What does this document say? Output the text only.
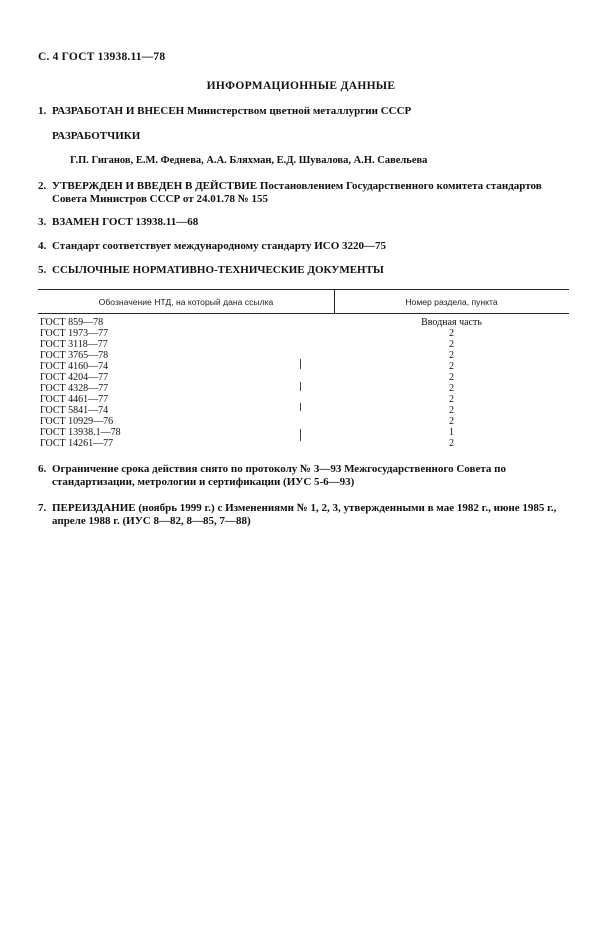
С. 4 ГОСТ 13938.11—78
ИНФОРМАЦИОННЫЕ ДАННЫЕ
1. РАЗРАБОТАН И ВНЕСЕН Министерством цветной металлургии СССР
РАЗРАБОТЧИКИ
Г.П. Гиганов, Е.М. Феднева, А.А. Бляхман, Е.Д. Шувалова, А.Н. Савельева
2. УТВЕРЖДЕН И ВВЕДЕН В ДЕЙСТВИЕ Постановлением Государственного комитета стандартов Совета Министров СССР от 24.01.78 № 155
3. ВЗАМЕН ГОСТ 13938.11—68
4. Стандарт соответствует международному стандарту ИСО 3220—75
5. ССЫЛОЧНЫЕ НОРМАТИВНО-ТЕХНИЧЕСКИЕ ДОКУМЕНТЫ
Обозначение НТД, на который дана ссылка	Номер раздела, пункта
ГОСТ 859—78	Вводная часть
ГОСТ 1973—77	2
ГОСТ 3118—77	2
ГОСТ 3765—78	2
ГОСТ 4160—74	2
ГОСТ 4204—77	2
ГОСТ 4328—77	2
ГОСТ 4461—77	2
ГОСТ 5841—74	2
ГОСТ 10929—76	2
ГОСТ 13938.1—78	1
ГОСТ 14261—77	2
6. Ограничение срока действия снято по протоколу № 3—93 Межгосударственного Совета по стандартизации, метрологии и сертификации (ИУС 5-6—93)
7. ПЕРЕИЗДАНИЕ (ноябрь 1999 г.) с Изменениями № 1, 2, 3, утвержденными в мае 1982 г., июне 1985 г., апреле 1988 г. (ИУС 8—82, 8—85, 7—88)
